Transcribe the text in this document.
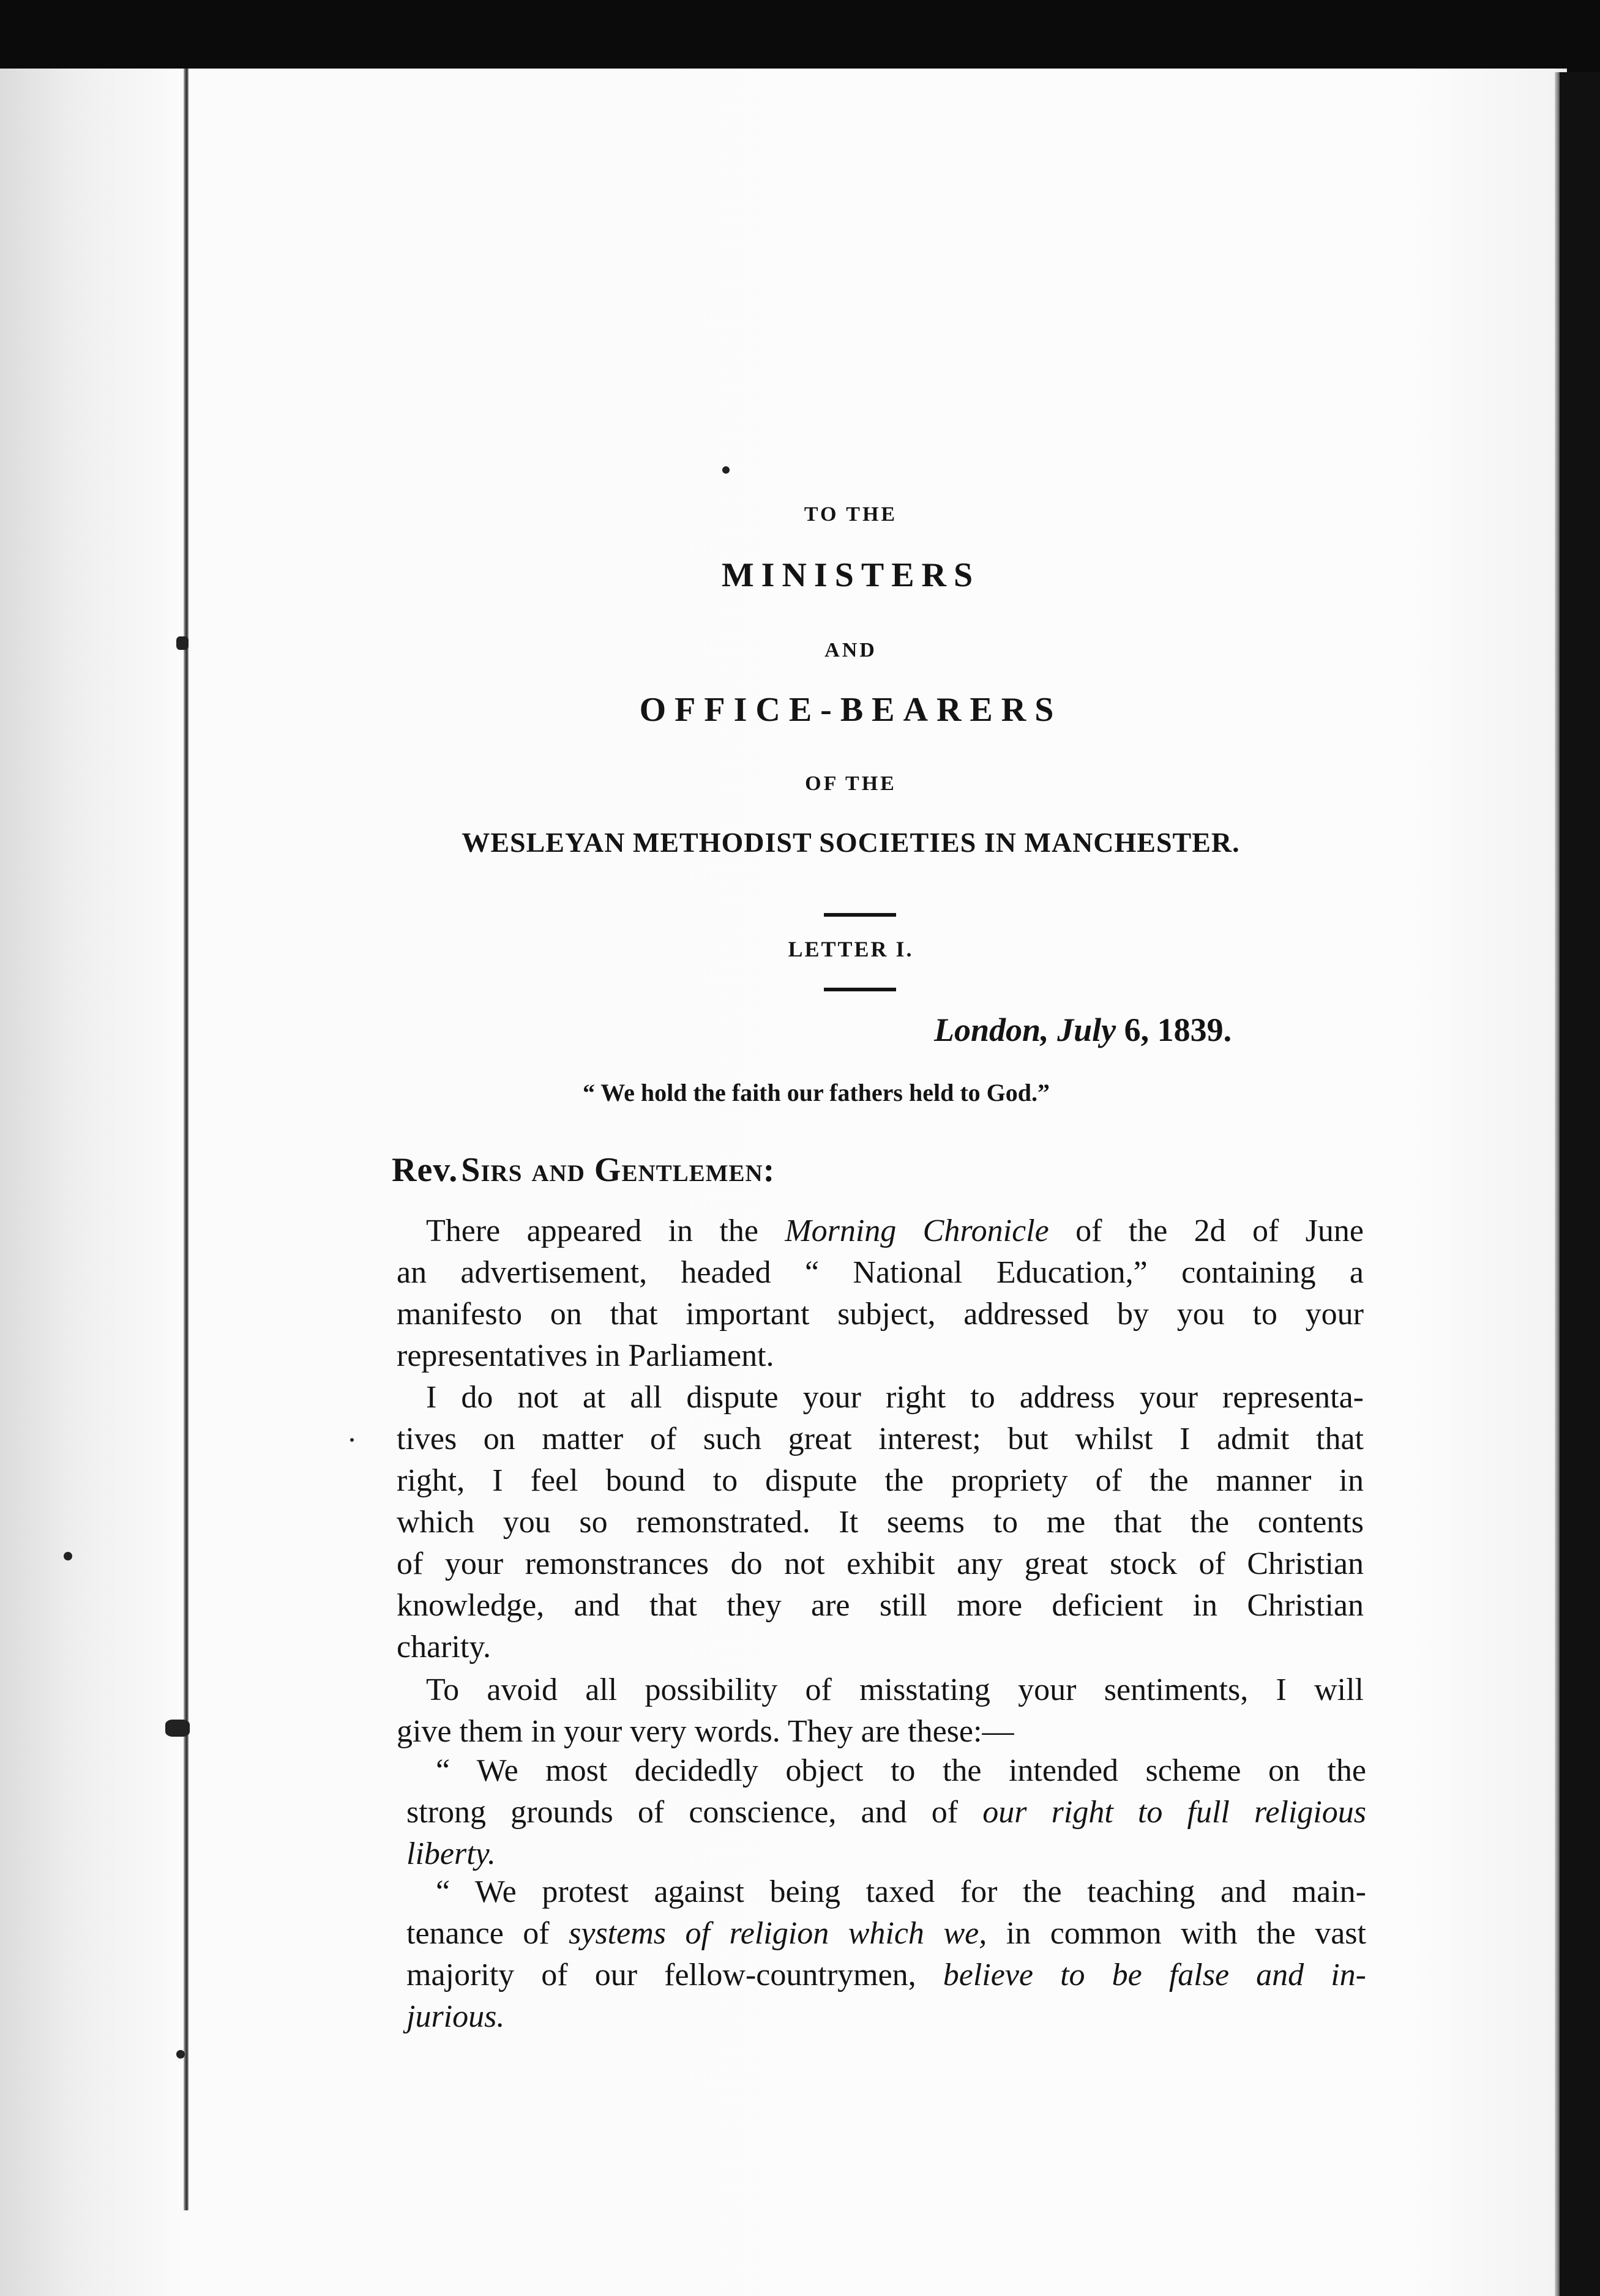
TO THE
MINISTERS
AND
OFFICE-BEARERS
OF THE
WESLEYAN METHODIST SOCIETIES IN MANCHESTER.
LETTER I.
London, July 6, 1839.
“ We hold the faith our fathers held to God.”
Rev. Sirs and Gentlemen:
There appeared in the Morning Chronicle of the 2d of June
an advertisement, headed “ National Education,” containing a
manifesto on that important subject, addressed by you to your
representatives in Parliament.
I do not at all dispute your right to address your representa-
tives on matter of such great interest; but whilst I admit that
right, I feel bound to dispute the propriety of the manner in
which you so remonstrated. It seems to me that the contents
of your remonstrances do not exhibit any great stock of Christian
knowledge, and that they are still more deficient in Christian
charity.
To avoid all possibility of misstating your sentiments, I will
give them in your very words. They are these:—
“ We most decidedly object to the intended scheme on the
strong grounds of conscience, and of our right to full religious
liberty.
“ We protest against being taxed for the teaching and main-
tenance of systems of religion which we, in common with the vast
majority of our fellow-countrymen, believe to be false and in-
jurious.
